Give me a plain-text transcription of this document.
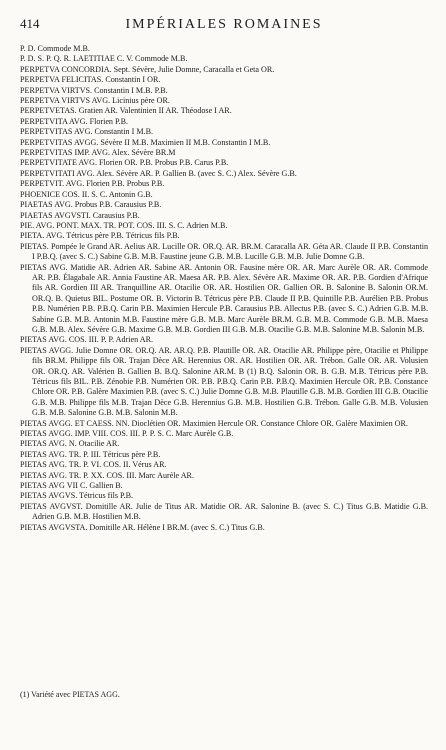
414	IMPÉRIALES ROMAINES

P. D. Commode M.B.

P. D. S. P. Q. R. LAETITIAE C. V. Commode M.B.

PERPETVA CONCORDIA. Sept. Sévère, Julie Domne, Caracalla et Geta OR.

PERPETVA FELICITAS. Constantin I OR.

PERPETVA VIRTVS. Constantin I M.B. P.B.

PERPETVA VIRTVS AVG. Licinius père OR.

PERPETVETAS. Gratien AR. Valentinien II AR. Théodose I AR.

PERPETVITA AVG. Florien P.B.

PERPETVITAS AVG. Constantin I M.B.

PERPETVITAS AVGG. Sévère II M.B. Maximien II M.B. Constantin I M.B.

PERPETVITAS IMP. AVG. Alex. Sévère BR.M

PERPETVITATE AVG. Florien OR. P.B. Probus P.B. Carus P.B.

PERPETVITATI AVG. Alex. Sévère AR. P. Gallien B. (avec S. C.) Alex. Sévère G.B.

PERPETVIT. AVG. Florien P.B. Probus P.B.

PHOENICE COS. II. S. C. Antonin G.B.

PIAETAS AVG. Probus P.B. Carausius P.B.

PIAETAS AVGVSTI. Carausius P.B.

PIE. AVG. PONT. MAX. TR. POT. COS. III. S. C. Adrien M.B.

PIETA. AVG. Tétricus père P.B. Tétricus fils P.B.

PIETAS. Pompée le Grand AR. Aelius AR. Lucille OR. OR.Q. AR. BR.M. Caracalla AR. Géta AR. Claude II P.B. Constantin I P.B.Q. (avec S. C.) Sabine G.B. M.B. Faustine jeune G.B. M.B. Lucille G.B. M.B. Julie Domne G.B.

PIETAS AVG. Matidie AR. Adrien AR. Sabine AR. Antonin OR. Fausine mère OR. AR. Marc Aurèle OR. AR. Commode AR. P.B. Élagabale AR. Annia Faustine AR. Maesa AR. P.B. Alex. Sévère AR. Maxime OR. AR. P.B. Gordien d'Afrique fils AR. Gordien III AR. Tranquilline AR. Otacilie OR. AR. Hostilien OR. Gallien OR. B. Salonine B. Salonin OR.M. OR.Q. B. Quietus BIL. Postume OR. B. Victorin B. Tétricus père P.B. Claude II P.B. Quintille P.B. Aurélien P.B. Probus P.B. Numérien P.B. P.B.Q. Carin P.B. Maximien Hercule P.B. Carausius P.B. Allectus P.B. (avec S. C.) Adrien G.B. M.B. Sabine G.B. M.B. Antonin M.B. Faustine mère G.B. M.B. Marc Aurèle BR.M. G.B. M.B. Commode G.B. M.B. Maesa G.B. M.B. Alex. Sévère G.B. Maxime G.B. M.B. Gordien III G.B. M.B. Otacilie G.B. M.B. Salonine M.B. Salonin M.B.

PIETAS AVG. COS. III. P. P. Adrien AR.

PIETAS AVGG. Julie Domne OR. OR.Q. AR. AR.Q. P.B. Plautille OR. AR. Otacilie AR. Philippe père, Otacilie et Philippe fils BR.M. Philippe fils OR. Trajan Dèce AR. Herennius OR. AR. Hostilien OR. AR. Trébon. Galle OR. AR. Volusien OR. OR.Q. AR. Valérien B. Gallien B. B.Q. Salonine AR.M. B (1) B.Q. Salonin OR. B. G.B. M.B. Tétricus père P.B. Tétricus fils BIL. P.B. Zénobie P.B. Numérien OR. P.B. P.B.Q. Carin P.B. P.B.Q. Maximien Hercule OR. P.B. Constance Chlore OR. P.B. Galère Maximien P.B. (avec S. C.) Julie Domne G.B. M.B. Plautille G.B. M.B. Gordien III G.B. Otacilie G.B. M.B. Philippe fils M.B. Trajan Dèce G.B. Herennius G.B. M.B. Hostilien G.B. Trébon. Galle G.B. M.B. Volusien G.B. M.B. Salonine G.B. M.B. Salonin M.B.

PIETAS AVGG. ET CAESS. NN. Dioclétien OR. Maximien Hercule OR. Constance Chlore OR. Galère Maximien OR.

PIETAS AVGG. IMP. VIII. COS. III. P. P. S. C. Marc Aurèle G.B.

PIETAS AVG. N. Otacilie AR.

PIETAS AVG. TR. P. III. Tétricus père P.B.

PIETAS AVG. TR. P. VI. COS. II. Vérus AR.

PIETAS AVG. TR. P. XX. COS. III. Marc Aurèle AR.

PIETAS AVG VII C. Gallien B.

PIETAS AVGVS. Tétricus fils P.B.

PIETAS AVGVST. Domitille AR. Julie de Titus AR. Matidie OR. AR. Salonine B. (avec S. C.) Titus G.B. Matidie G.B. Adrien G.B. M.B. Hostilien M.B.

PIETAS AVGVSTA. Domitille AR. Hélène I BR.M. (avec S. C.) Titus G.B.

(1) Variété avec PIETAS AGG.
